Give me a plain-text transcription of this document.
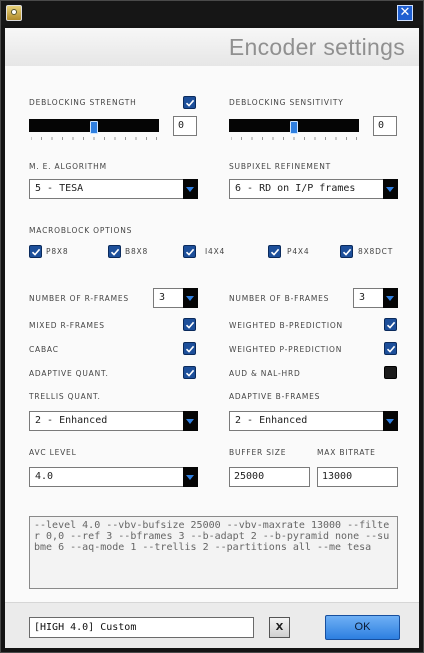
✕
Encoder settings
DEBLOCKING STRENGTH
0
DEBLOCKING SENSITIVITY
0
M. E. ALGORITHM
5 - TESA
SUBPIXEL REFINEMENT
6 - RD on I/P frames
MACROBLOCK OPTIONS
P8X8	B8X8	I4X4	P4X4	8X8DCT
NUMBER OF R-FRAMES	3	NUMBER OF B-FRAMES	3
MIXED R-FRAMES
CABAC
ADAPTIVE QUANT.
WEIGHTED B-PREDICTION
WEIGHTED P-PREDICTION
AUD & NAL-HRD
TRELLIS QUANT.
2 - Enhanced
ADAPTIVE B-FRAMES
2 - Enhanced
AVC LEVEL
4.0
BUFFER SIZE
25000
MAX BITRATE
13000
--level 4.0 --vbv-bufsize 25000 --vbv-maxrate 13000 --filter 0,0 --ref 3 --bframes 3 --b-adapt 2 --b-pyramid none --subme 6 --aq-mode 1 --trellis 2 --partitions all --me tesa
[HIGH 4.0] Custom	X	OK
